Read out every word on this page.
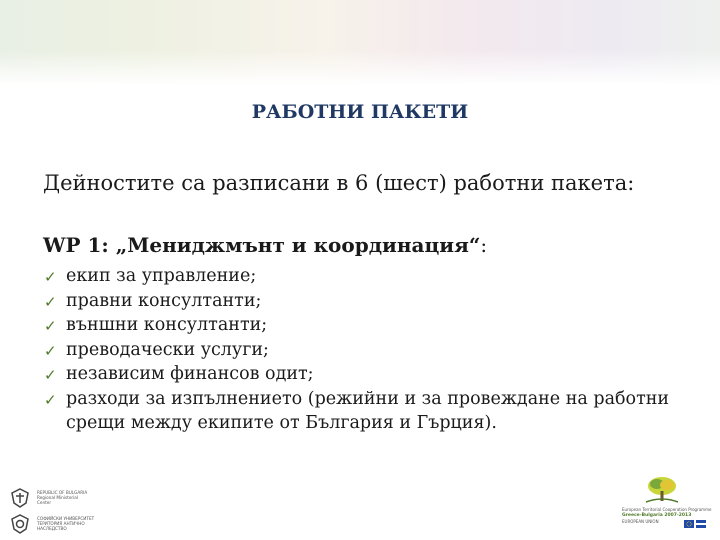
РАБОТНИ ПАКЕТИ
Дейностите са разписани в 6 (шест) работни пакета:
WP 1: „Мениджмънт и координация“:
✓ екип за управление;
✓ правни консултанти;
✓ външни консултанти;
✓ преводачески услуги;
✓ независим финансов одит;
✓ разходи за изпълнението (режийни и за провеждане на работни срещи между екипите от България и Гърция).
REPUBLIC OF BULGARIA
Regional Ministerial
Center
СОФИЙСКИ УНИВЕРСИТЕТ
ТЕРИТОРИЯ АНТИЧНО
НАСЛЕДСТВО
European Territorial Cooperation Programme
Greece-Bulgaria 2007-2013
EUROPEAN UNION
